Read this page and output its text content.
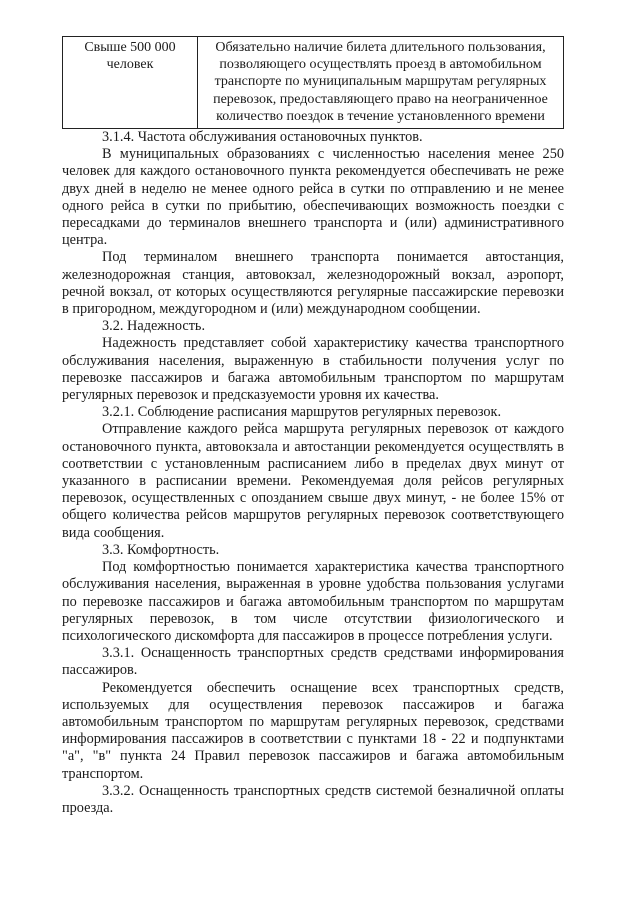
Свыше 500 000 человек	Обязательно наличие билета длительного пользования, позволяющего осуществлять проезд в автомобильном транспорте по муниципальным маршрутам регулярных перевозок, предоставляющего право на неограниченное количество поездок в течение установленного времени

3.1.4. Частота обслуживания остановочных пунктов.

В муниципальных образованиях с численностью населения менее 250 человек для каждого остановочного пункта рекомендуется обеспечивать не реже двух дней в неделю не менее одного рейса в сутки по отправлению и не менее одного рейса в сутки по прибытию, обеспечивающих возможность поездки с пересадками до терминалов внешнего транспорта и (или) административного центра.

Под терминалом внешнего транспорта понимается автостанция, железнодорожная станция, автовокзал, железнодорожный вокзал, аэропорт, речной вокзал, от которых осуществляются регулярные пассажирские перевозки в пригородном, междугородном и (или) международном сообщении.

3.2. Надежность.

Надежность представляет собой характеристику качества транспортного обслуживания населения, выраженную в стабильности получения услуг по перевозке пассажиров и багажа автомобильным транспортом по маршрутам регулярных перевозок и предсказуемости уровня их качества.

3.2.1. Соблюдение расписания маршрутов регулярных перевозок.

Отправление каждого рейса маршрута регулярных перевозок от каждого остановочного пункта, автовокзала и автостанции рекомендуется осуществлять в соответствии с установленным расписанием либо в пределах двух минут от указанного в расписании времени. Рекомендуемая доля рейсов регулярных перевозок, осуществленных с опозданием свыше двух минут, - не более 15% от общего количества рейсов маршрутов регулярных перевозок соответствующего вида сообщения.

3.3. Комфортность.

Под комфортностью понимается характеристика качества транспортного обслуживания населения, выраженная в уровне удобства пользования услугами по перевозке пассажиров и багажа автомобильным транспортом по маршрутам регулярных перевозок, в том числе отсутствии физиологического и психологического дискомфорта для пассажиров в процессе потребления услуги.

3.3.1. Оснащенность транспортных средств средствами информирования пассажиров.

Рекомендуется обеспечить оснащение всех транспортных средств, используемых для осуществления перевозок пассажиров и багажа автомобильным транспортом по маршрутам регулярных перевозок, средствами информирования пассажиров в соответствии с пунктами 18 - 22 и подпунктами "а", "в" пункта 24 Правил перевозок пассажиров и багажа автомобильным транспортом.

3.3.2. Оснащенность транспортных средств системой безналичной оплаты проезда.
